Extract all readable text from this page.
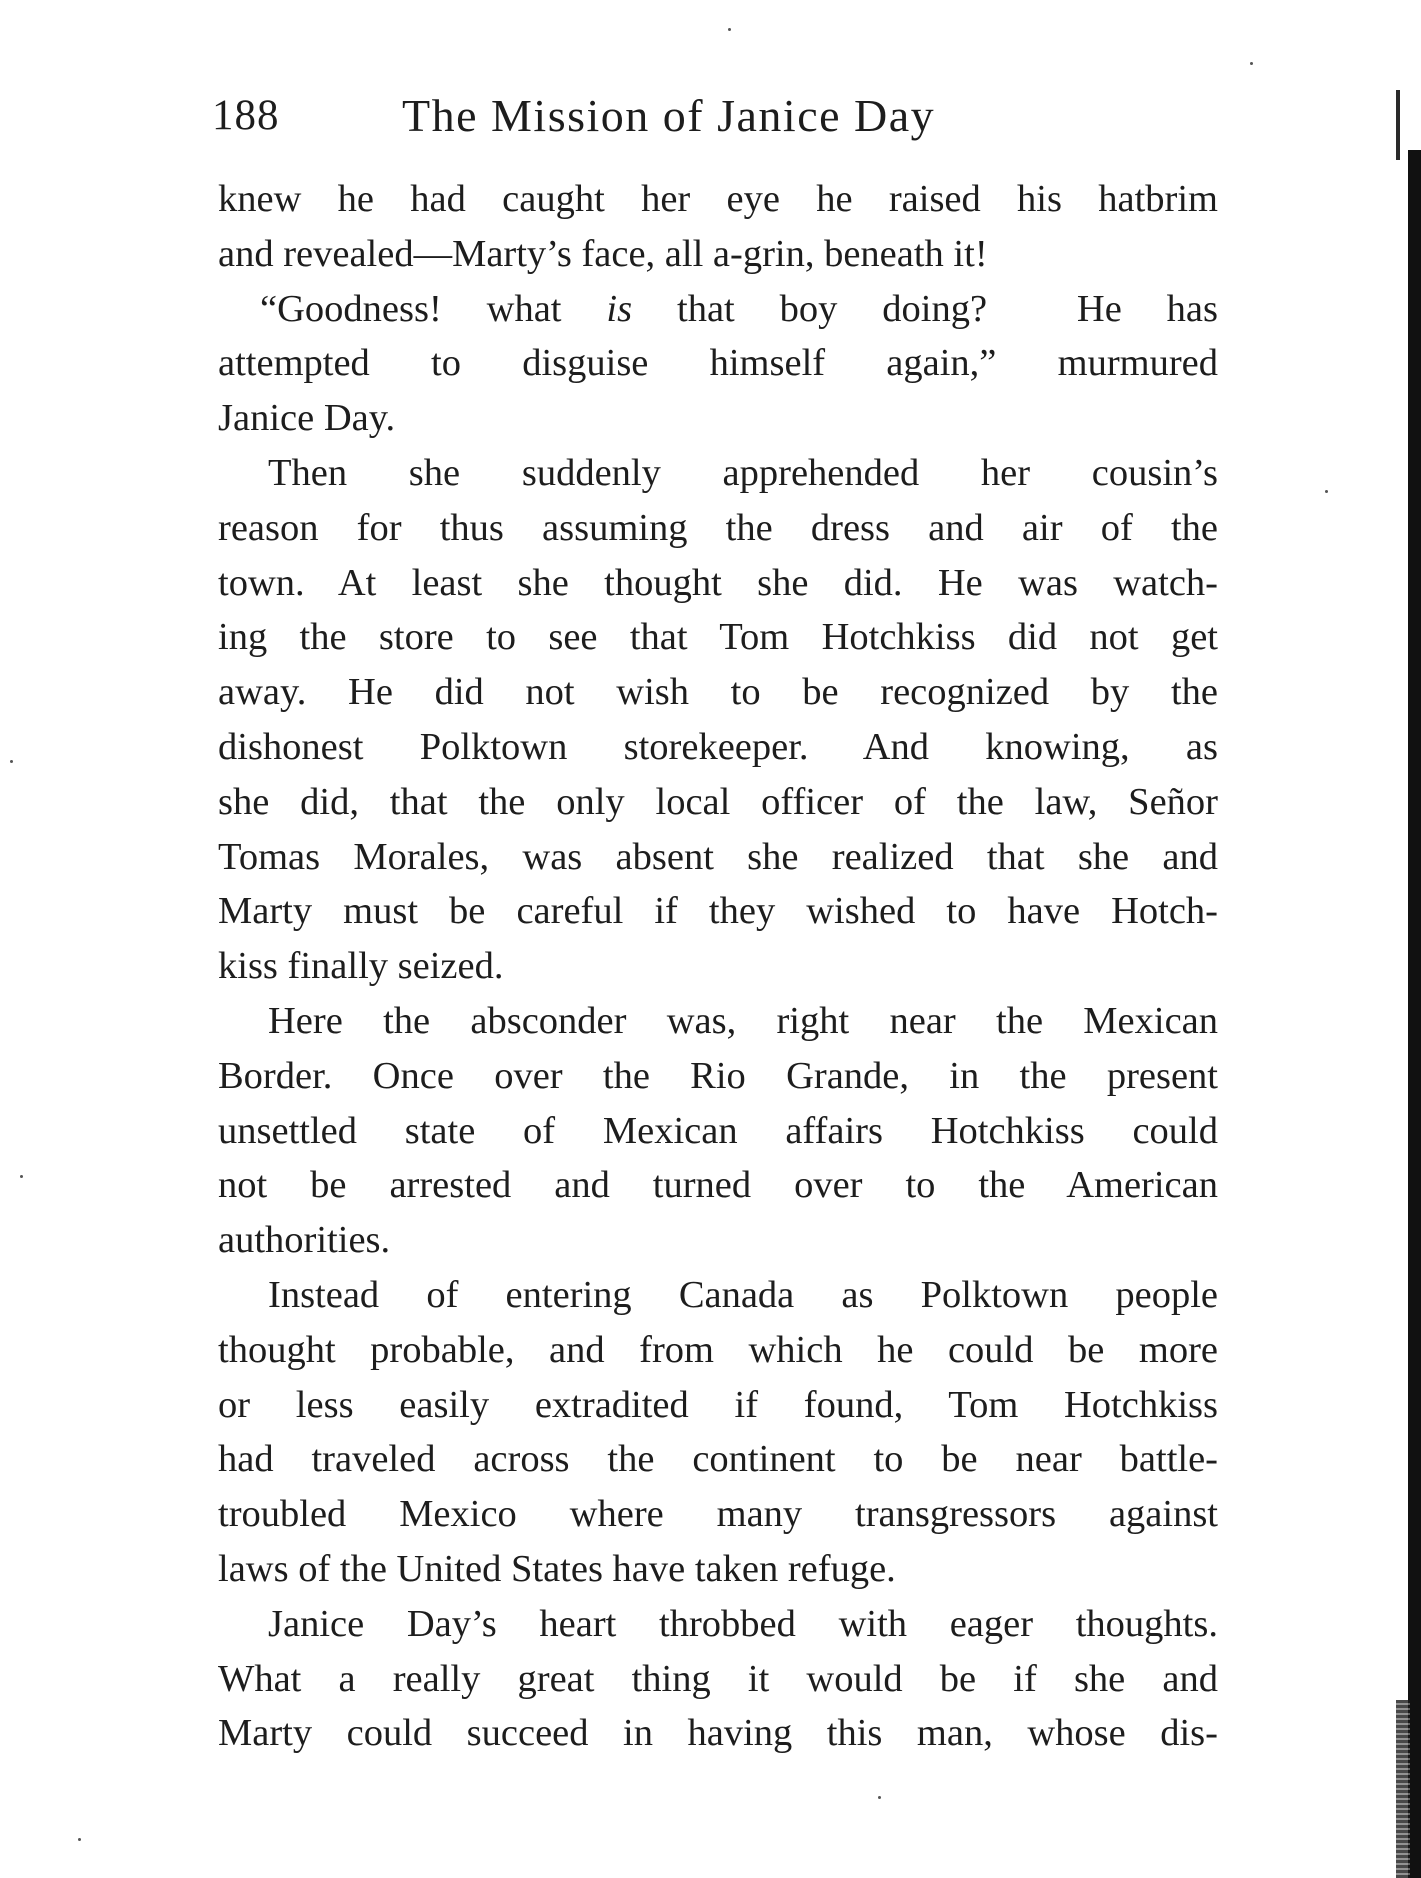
188	The Mission of Janice Day
knew he had caught her eye he raised his hatbrim
and revealed—Marty’s face, all a-grin, beneath it!
“Goodness! what is that boy doing?  He has
attempted to disguise himself again,” murmured
Janice Day.
Then she suddenly apprehended her cousin’s
reason for thus assuming the dress and air of the
town. At least she thought she did. He was watch-
ing the store to see that Tom Hotchkiss did not get
away. He did not wish to be recognized by the
dishonest Polktown storekeeper. And knowing, as
she did, that the only local officer of the law, Señor
Tomas Morales, was absent she realized that she and
Marty must be careful if they wished to have Hotch-
kiss finally seized.
Here the absconder was, right near the Mexican
Border. Once over the Rio Grande, in the present
unsettled state of Mexican affairs Hotchkiss could
not be arrested and turned over to the American
authorities.
Instead of entering Canada as Polktown people
thought probable, and from which he could be more
or less easily extradited if found, Tom Hotchkiss
had traveled across the continent to be near battle-
troubled Mexico where many transgressors against
laws of the United States have taken refuge.
Janice Day’s heart throbbed with eager thoughts.
What a really great thing it would be if she and
Marty could succeed in having this man, whose dis-
